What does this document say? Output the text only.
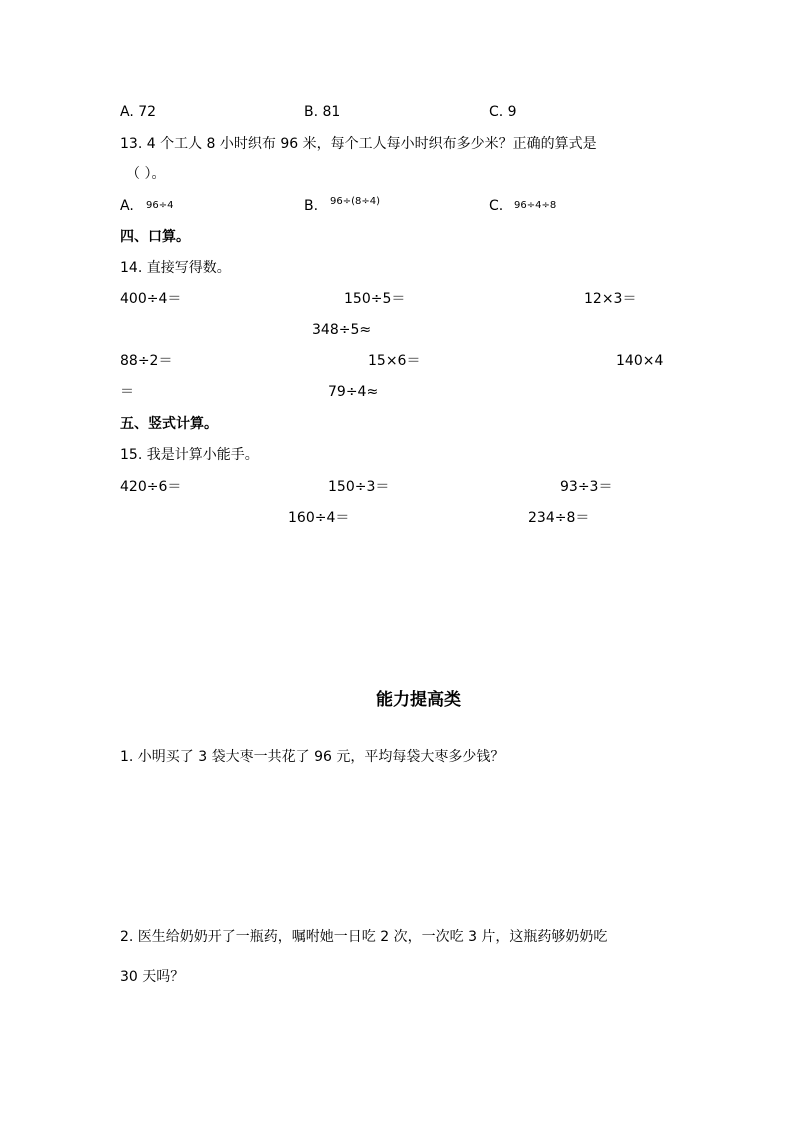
A. 72	B. 81	C. 9
13. 4 个工人 8 小时织布 96 米，每个工人每小时织布多少米？正确的算式是
（ ）。
A. 96÷4	B. 96÷(8÷4)	C. 96÷4÷8
四、口算。
14. 直接写得数。
400÷4＝	150÷5＝	12×3＝
348÷5≈
88÷2＝	15×6＝	140×4
＝	79÷4≈
五、竖式计算。
15. 我是计算小能手。
420÷6＝	150÷3＝	93÷3＝
160÷4＝	234÷8＝
能力提高类
1. 小明买了 3 袋大枣一共花了 96 元，平均每袋大枣多少钱？
2. 医生给奶奶开了一瓶药，嘱咐她一日吃 2 次，一次吃 3 片，这瓶药够奶奶吃
30 天吗？
